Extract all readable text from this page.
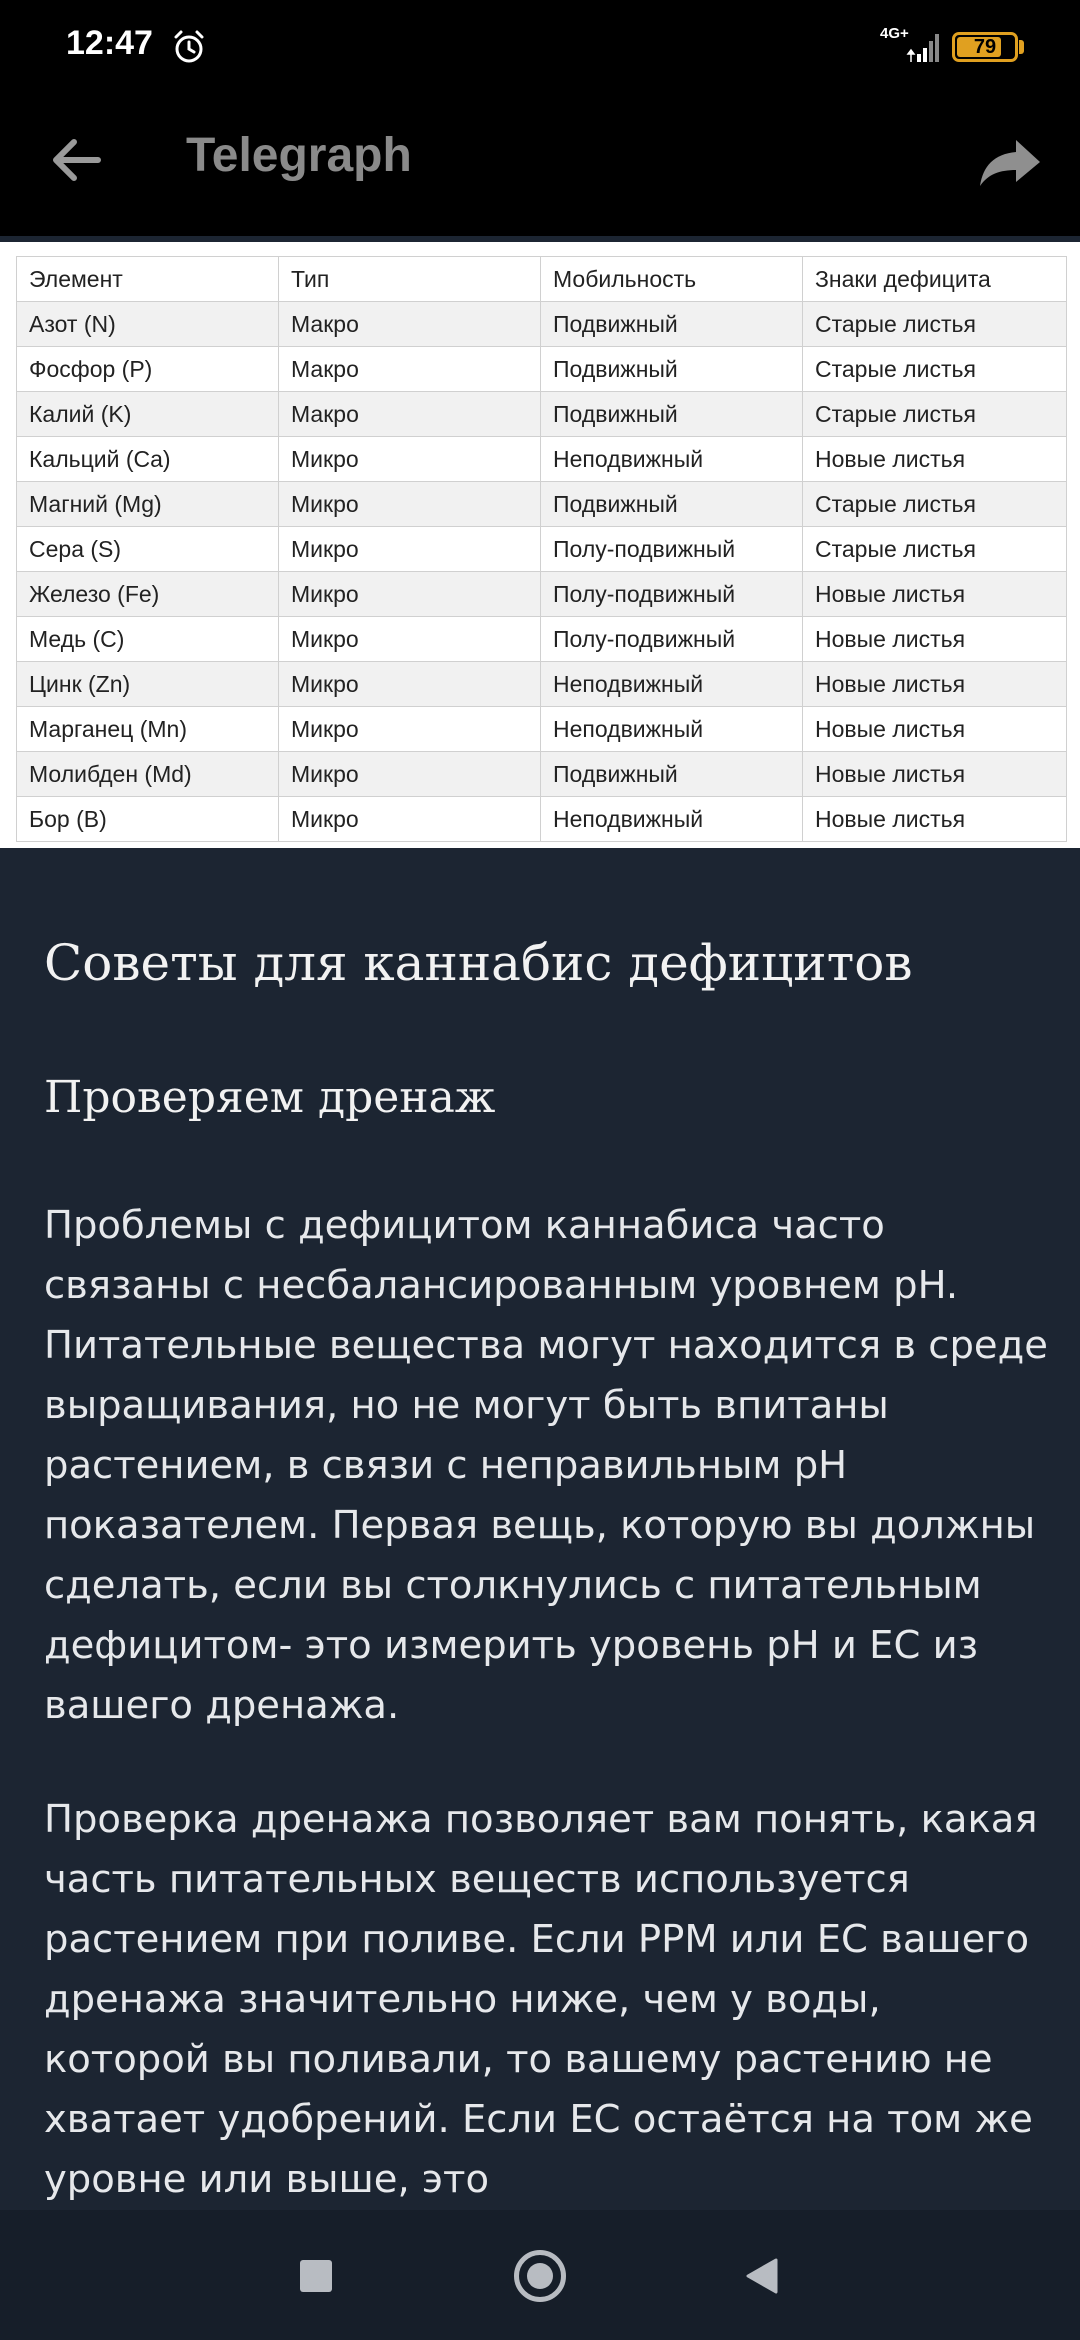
12:47	4G+
79
Telegraph
Элемент	Тип	Мобильность	Знаки дефицита
Азот (N)	Макро	Подвижный	Старые листья
Фосфор (P)	Макро	Подвижный	Старые листья
Калий (K)	Макро	Подвижный	Старые листья
Кальций (Ca)	Микро	Неподвижный	Новые листья
Магний (Mg)	Микро	Подвижный	Старые листья
Сера (S)	Микро	Полу-подвижный	Старые листья
Железо (Fe)	Микро	Полу-подвижный	Новые листья
Медь (C)	Микро	Полу-подвижный	Новые листья
Цинк (Zn)	Микро	Неподвижный	Новые листья
Марганец (Mn)	Микро	Неподвижный	Новые листья
Молибден (Md)	Микро	Подвижный	Новые листья
Бор (B)	Микро	Неподвижный	Новые листья
Советы для каннабис дефицитов
Проверяем дренаж
Проблемы с дефицитом каннабиса часто связаны с несбалансированным уровнем pH. Питательные вещества могут находится в среде выращивания, но не могут быть впитаны растением, в связи с неправильным pH показателем. Первая вещь, которую вы должны сделать, если вы столкнулись с питательным дефицитом- это измерить уровень pH и EC из вашего дренажа.
Проверка дренажа позволяет вам понять, какая часть питательных веществ используется растением при поливе. Если PPM или EC вашего дренажа значительно ниже, чем у воды, которой вы поливали, то вашему растению не хватает удобрений. Если EC остаётся на том же уровне или выше, это
